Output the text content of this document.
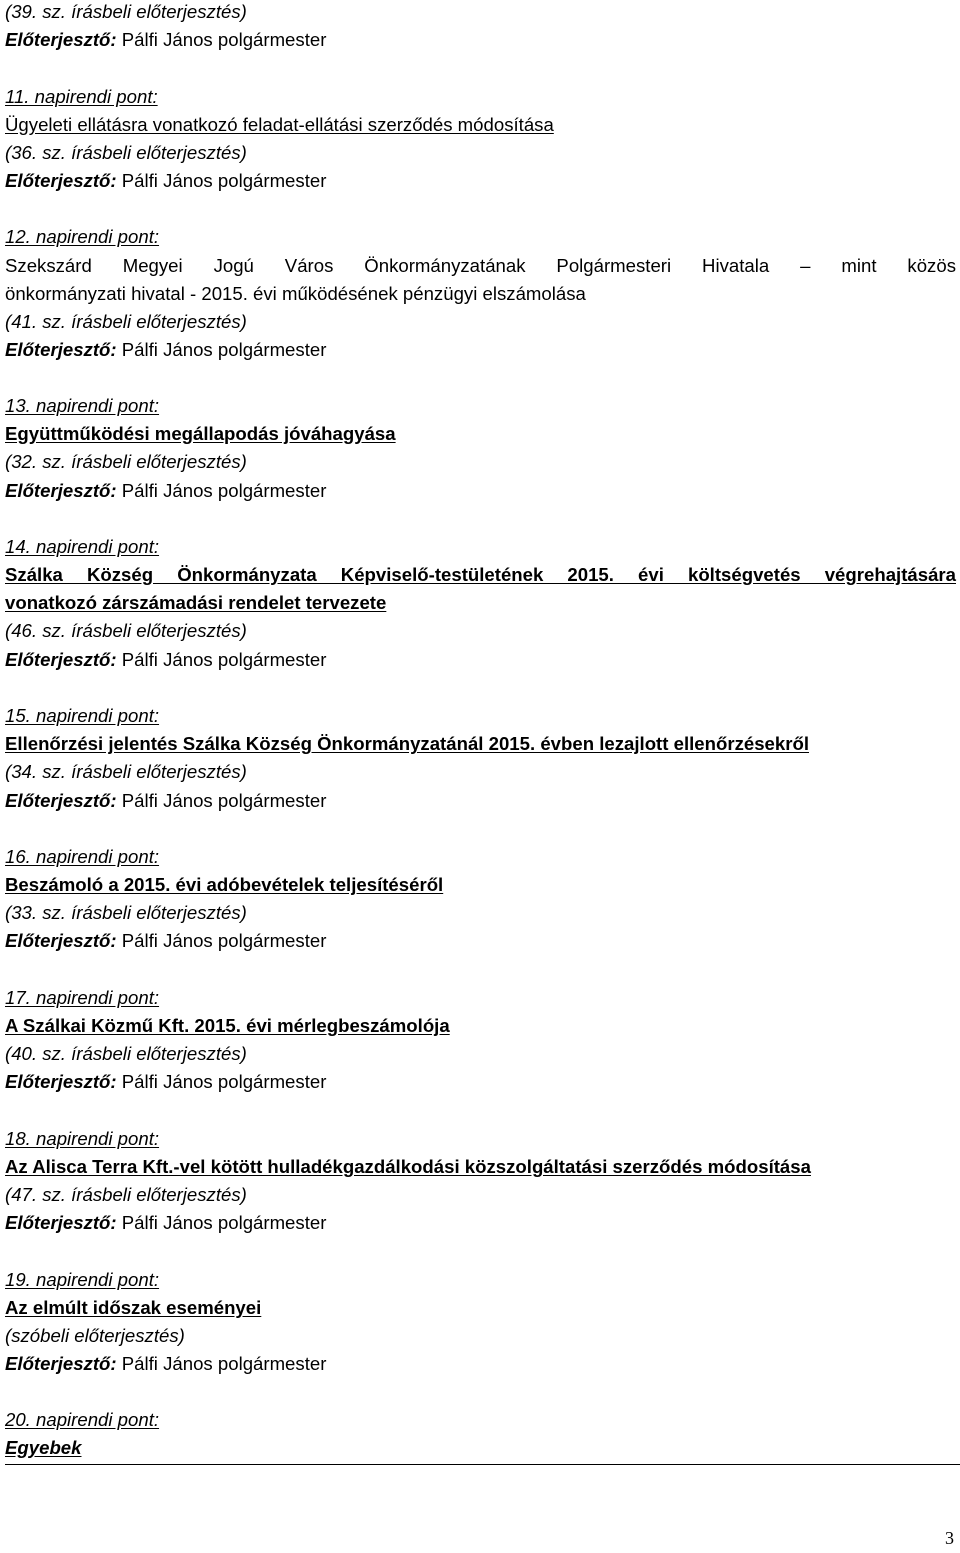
(39. sz. írásbeli előterjesztés)
Előterjesztő: Pálfi János polgármester
11. napirendi pont:
Ügyeleti ellátásra vonatkozó feladat-ellátási szerződés módosítása
(36. sz. írásbeli előterjesztés)
Előterjesztő: Pálfi János polgármester
12. napirendi pont:
Szekszárd Megyei Jogú Város Önkormányzatának Polgármesteri Hivatala – mint közös
önkormányzati hivatal - 2015. évi működésének pénzügyi elszámolása
(41. sz. írásbeli előterjesztés)
Előterjesztő: Pálfi János polgármester
13. napirendi pont:
Együttműködési megállapodás jóváhagyása
(32. sz. írásbeli előterjesztés)
Előterjesztő: Pálfi János polgármester
14. napirendi pont:
Szálka Község Önkormányzata Képviselő-testületének 2015. évi költségvetés végrehajtására
vonatkozó zárszámadási rendelet tervezete
(46. sz. írásbeli előterjesztés)
Előterjesztő: Pálfi János polgármester
15. napirendi pont:
Ellenőrzési jelentés Szálka Község Önkormányzatánál 2015. évben lezajlott ellenőrzésekről
(34. sz. írásbeli előterjesztés)
Előterjesztő: Pálfi János polgármester
16. napirendi pont:
Beszámoló a 2015. évi adóbevételek teljesítéséről
(33. sz. írásbeli előterjesztés)
Előterjesztő: Pálfi János polgármester
17. napirendi pont:
A Szálkai Közmű Kft. 2015. évi mérlegbeszámolója
(40. sz. írásbeli előterjesztés)
Előterjesztő: Pálfi János polgármester
18. napirendi pont:
Az Alisca Terra Kft.-vel kötött hulladékgazdálkodási közszolgáltatási szerződés módosítása
(47. sz. írásbeli előterjesztés)
Előterjesztő: Pálfi János polgármester
19. napirendi pont:
Az elmúlt időszak eseményei
(szóbeli előterjesztés)
Előterjesztő: Pálfi János polgármester
20. napirendi pont:
Egyebek
3
